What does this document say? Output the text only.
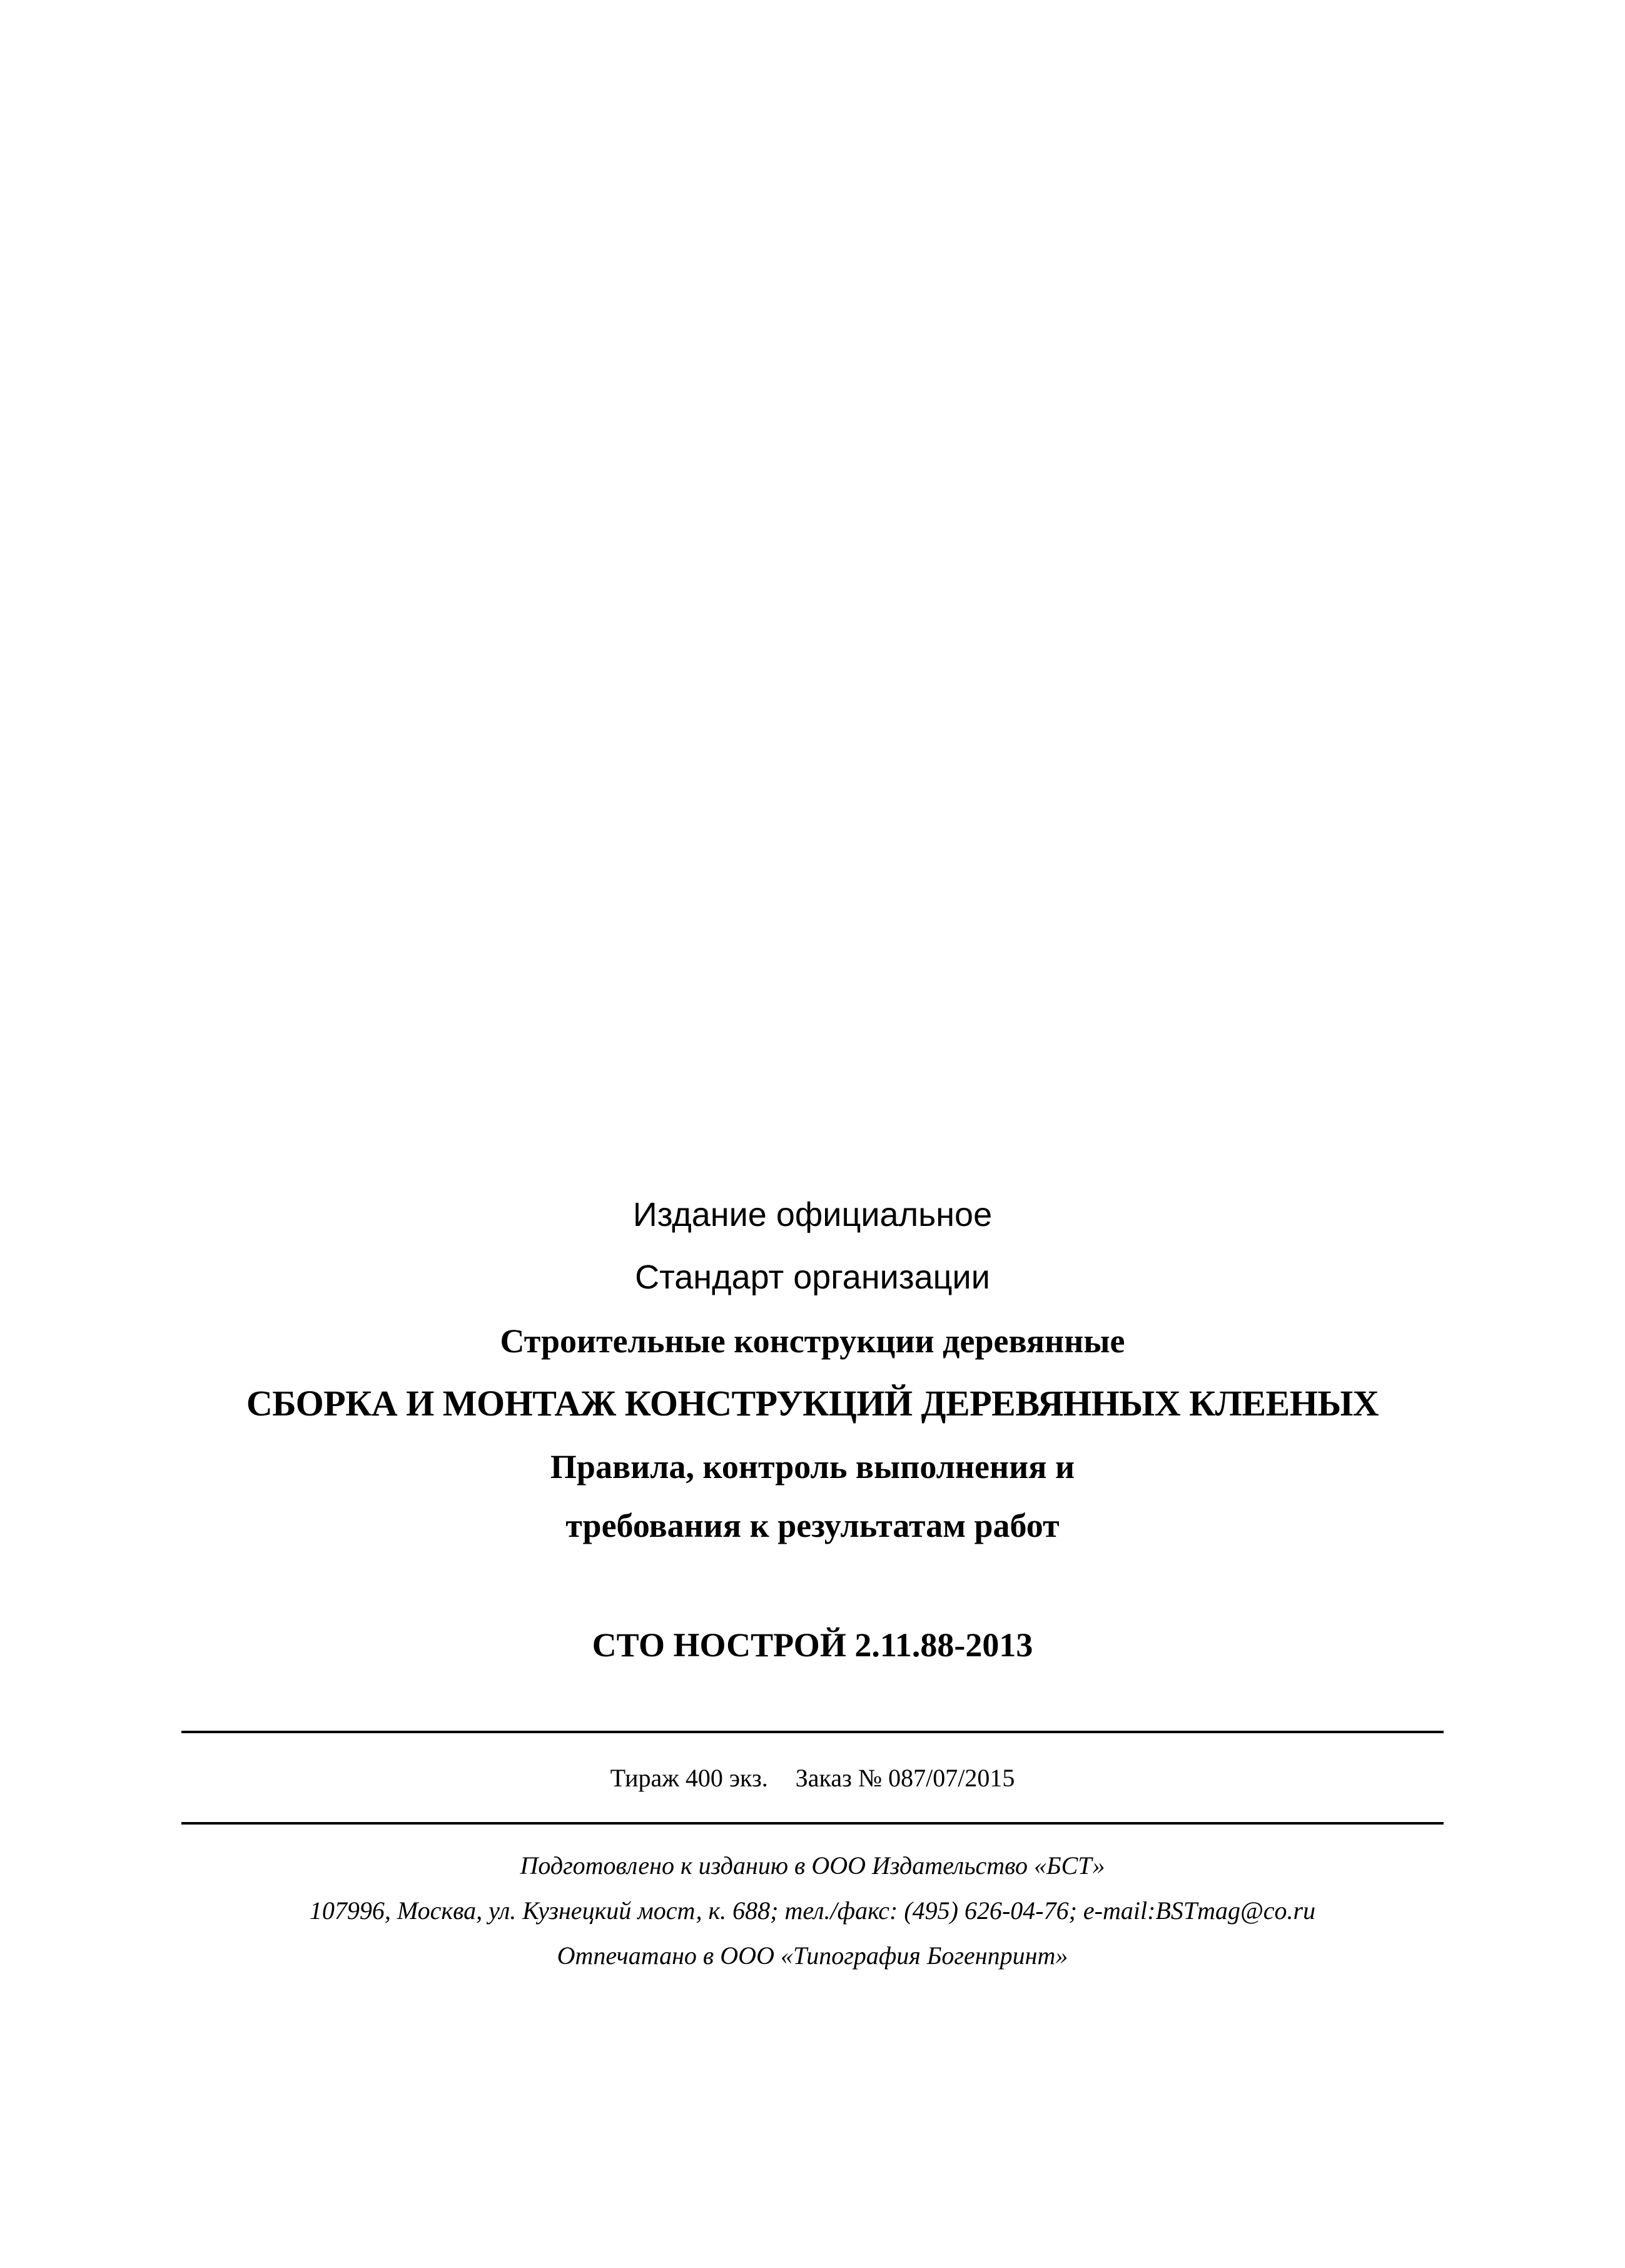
Издание официальное
Стандарт организации
Строительные конструкции деревянные
СБОРКА И МОНТАЖ КОНСТРУКЦИЙ ДЕРЕВЯННЫХ КЛЕЕНЫХ
Правила, контроль выполнения и
требования к результатам работ
СТО НОСТРОЙ 2.11.88-2013
Тираж 400 экз. Заказ № 087/07/2015
Подготовлено к изданию в ООО Издательство «БСТ»
107996, Москва, ул. Кузнецкий мост, к. 688; тел./факс: (495) 626-04-76; e-mail:BSTmag@co.ru
Отпечатано в ООО «Типография Богенпринт»
